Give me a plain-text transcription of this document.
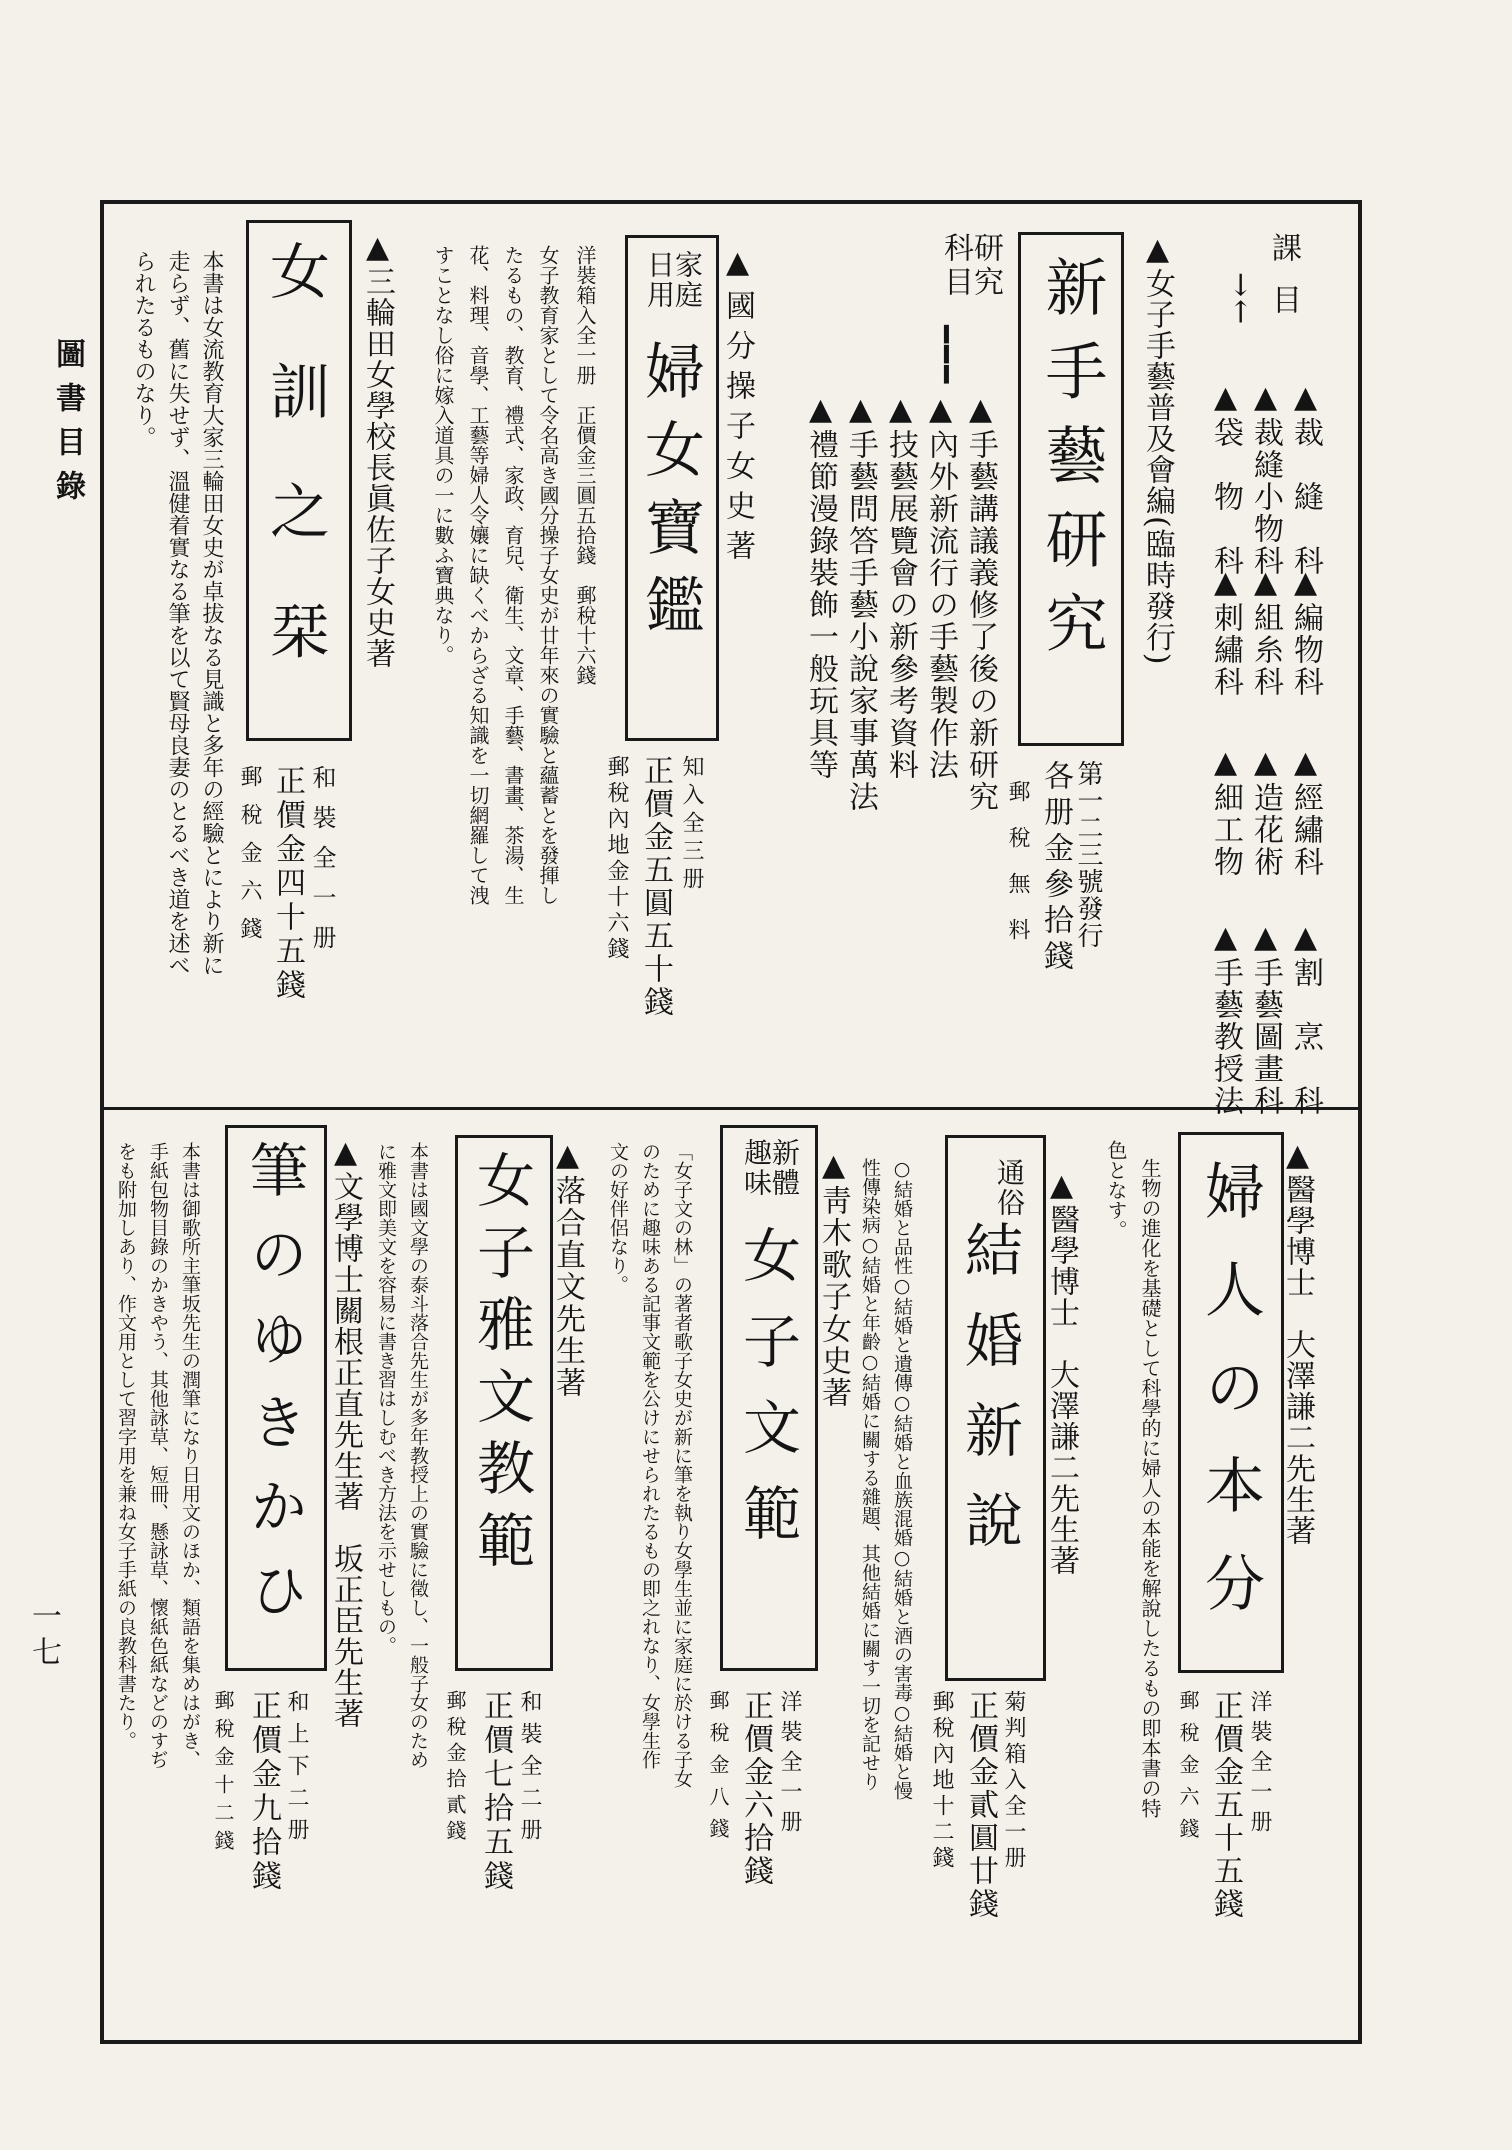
圖書目錄
一七
課目
→←
▲裁　縫　科
▲裁縫小物科
▲袋　物　科
▲編物科
▲組糸科
▲刺繡科
▲經繡科
▲造花術
▲細工物
▲割　烹　科
▲手藝圖畫科
▲手藝教授法
▲女子手藝普及會編(臨時發行)
新手藝研究
第一二三號發行
各册金參拾錢
郵稅無料
研究科目
━━━
▲手藝講議義修了後の新研究
▲內外新流行の手藝製作法
▲技藝展覽會の新參考資料
▲手藝問答手藝小說家事萬法
▲禮節漫錄裝飾一般玩具等
▲國分操子女史著
家庭日用
婦女寶鑑
知入全三册
正價金五圓五十錢
郵稅內地金十六錢
洋裝箱入全一册　正價金三圓五拾錢　郵稅十六錢
女子教育家として令名高き國分操子女史が廿年來の實驗と蘊蓄とを發揮し
たるもの、教育、禮式、家政、育兒、衛生、文章、手藝、書畫、茶湯、生
花、料理、音學、工藝等婦人令孃に缺くべからざる知識を一切網羅して洩
すことなし俗に嫁入道具の一に數ふ寶典なり。
▲三輪田女學校長眞佐子女史著
女訓之栞
和裝全一册
正價金四十五錢
郵稅金六錢
本書は女流教育大家三輪田女史が卓拔なる見識と多年の經驗とにより新に
走らず、舊に失せず、溫健着實なる筆を以て賢母良妻のとるべき道を述べ
られたるものなり。
▲醫學博士　大澤謙二先生著
婦人の本分
洋裝全一册
正價金五十五錢
郵稅金六錢
生物の進化を基礎として科學的に婦人の本能を解說したるもの即本書の特
色となす。
▲醫學博士　大澤謙二先生著
通俗
結婚新說
菊判箱入全一册
正價金貳圓廿錢
郵稅內地十二錢
○結婚と品性○結婚と遺傳○結婚と血族混婚○結婚と酒の害毒○結婚と慢
性傳染病○結婚と年齡○結婚に關する雜題、其他結婚に關す一切を記せり
▲靑木歌子女史著
新體趣味
女子文範
洋裝全一册
正價金六拾錢
郵稅金八錢
「女子文の林」の著者歌子女史が新に筆を執り女學生並に家庭に於ける子女
のために趣味ある記事文範を公けにせられたるもの即之れなり、女學生作
文の好伴侶なり。
▲落合直文先生著
女子雅文教範
和裝全二册
正價七拾五錢
郵稅金拾貳錢
本書は國文學の泰斗落合先生が多年教授上の實驗に徵し、一般子女のため
に雅文即美文を容易に書き習はしむべき方法を示せしもの。
▲文學博士關根正直先生著　坂正臣先生著
筆のゆきかひ
和上下二册
正價金九拾錢
郵稅金十二錢
本書は御歌所主筆坂先生の潤筆になり日用文のほか、類語を集めはがき、
手紙包物目錄のかきやう、其他詠草、短冊、懸詠草、懷紙色紙などのすぢ
をも附加しあり、作文用として習字用を兼ね女子手紙の良教科書たり。
